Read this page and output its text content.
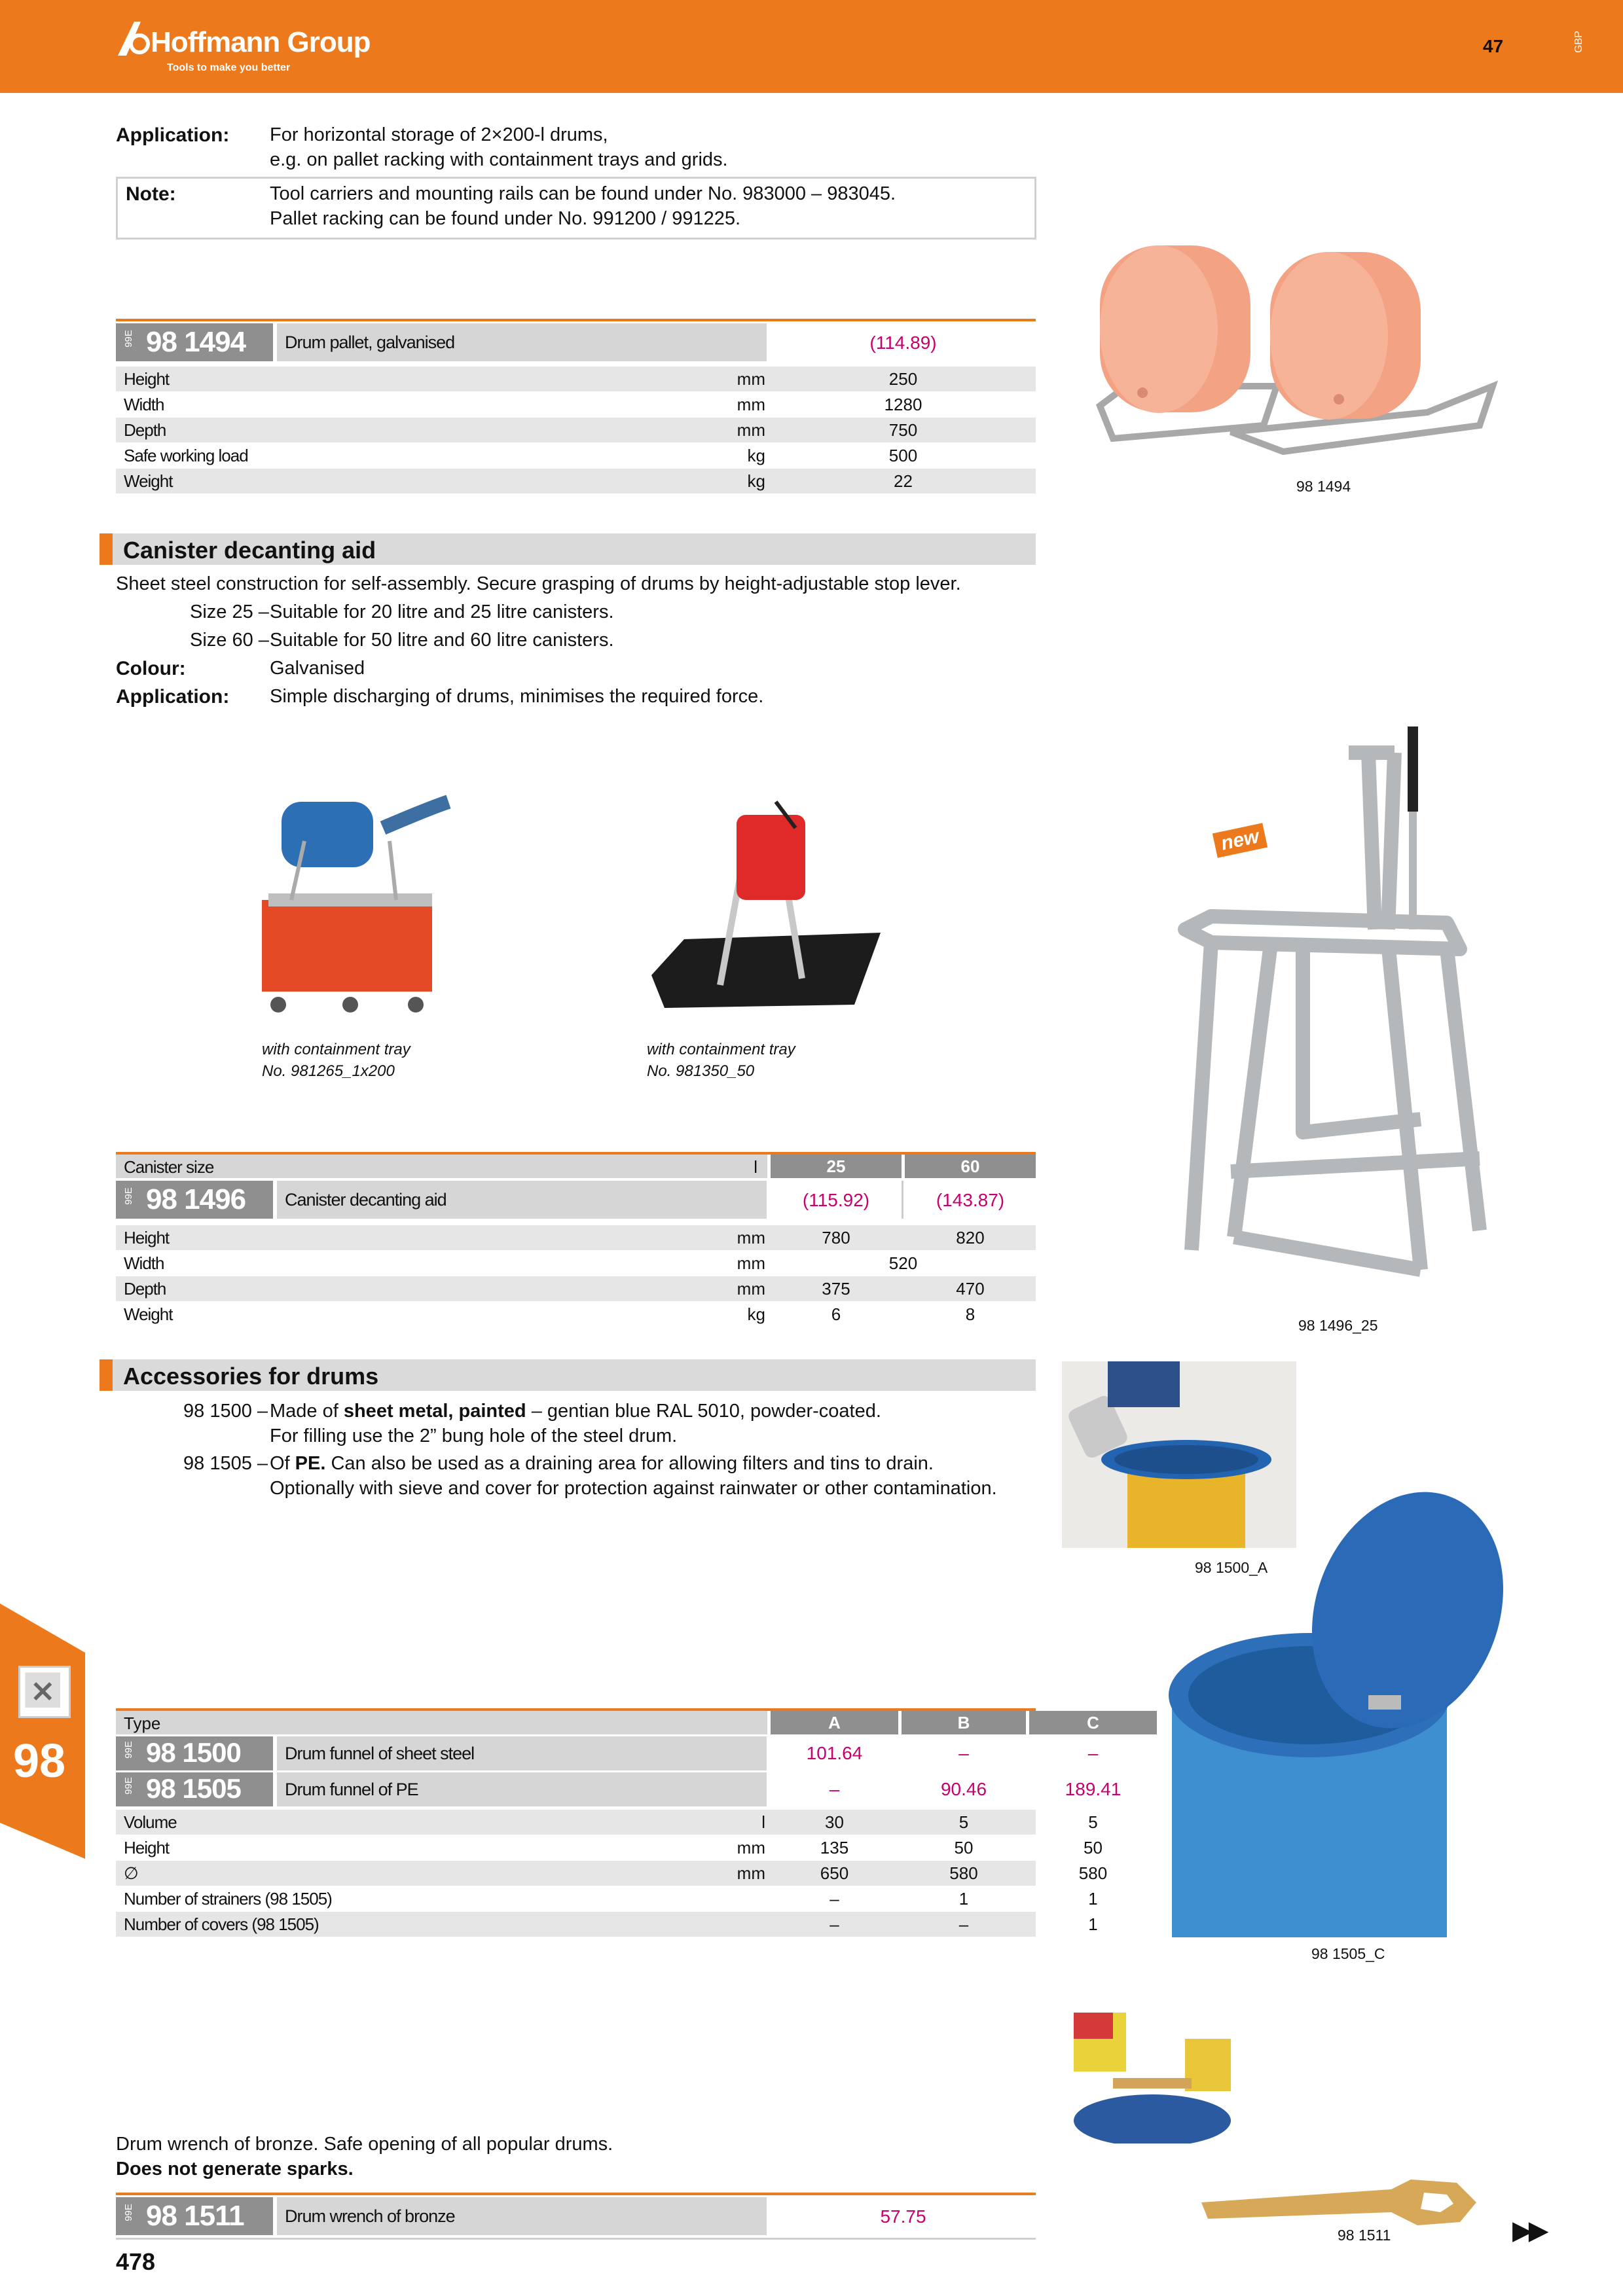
Hoffmann Group
Tools to make you better
47	GBP
Application: For horizontal storage of 2×200-l drums,
e.g. on pallet racking with containment trays and grids.
Note:	Tool carriers and mounting rails can be found under No. 983000 – 983045.
Pallet racking can be found under No. 991200 / 991225.
99E 98 1494 Drum pallet, galvanised	(114.89)
Height	mm	250
Width	mm	1280
Depth	mm	750
Safe working load	kg	500
Weight	kg	22	98 1494
Canister decanting aid
Sheet steel construction for self-assembly. Secure grasping of drums by height-adjustable stop lever.
Size 25 – Suitable for 20 litre and 25 litre canisters.
Size 60 – Suitable for 50 litre and 60 litre canisters.
Colour:	Galvanised
Application: Simple discharging of drums, minimises the required force.
with containment tray
No. 981265_1x200
with containment tray
No. 981350_50
new
98 1496_25
Canister size	l	25	60
99E 98 1496 Canister decanting aid	(115.92)	(143.87)
Height	mm	780	820
Width	mm	520
Depth	mm	375	470
Weight	kg	6	8
Accessories for drums
98 1500 – Made of sheet metal, painted – gentian blue RAL 5010, powder-coated.
For filling use the 2” bung hole of the steel drum.
98 1505 – Of PE. Can also be used as a draining area for allowing filters and tins to drain.
Optionally with sieve and cover for protection against rainwater or other contamination.
98 1500_A
98 1505_C
Type	A	B	C
99E 98 1500 Drum funnel of sheet steel	101.64	–	–
99E 98 1505 Drum funnel of PE	–	90.46	189.41
Volume	l	30	5	5
Height	mm	135	50	50
∅	mm	650	580	580
Number of strainers (98 1505)	–	1	1
Number of covers (98 1505)	–	–	1
Drum wrench of bronze. Safe opening of all popular drums.
Does not generate sparks.
99E 98 1511 Drum wrench of bronze	57.75
98 1511	▶▶
98
478
